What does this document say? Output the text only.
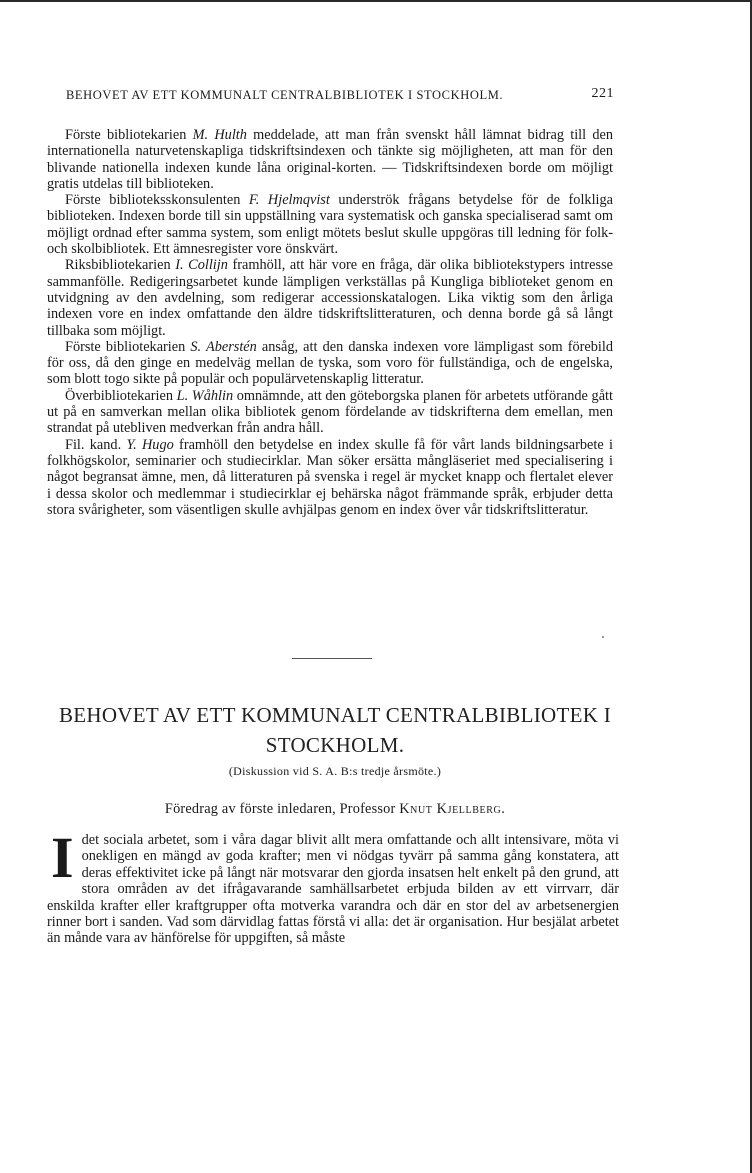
BEHOVET AV ETT KOMMUNALT CENTRALBIBLIOTEK I STOCKHOLM.	221

Förste bibliotekarien M. Hulth meddelade, att man från svenskt håll lämnat bidrag till den internationella naturvetenskapliga tidskriftsindexen och tänkte sig möjligheten, att man för den blivande nationella indexen kunde låna original-korten. — Tidskriftsindexen borde om möjligt gratis utdelas till biblioteken.

Förste biblioteksskonsulenten F. Hjelmqvist underströk frågans betydelse för de folkliga biblioteken. Indexen borde till sin uppställning vara systematisk och ganska specialiserad samt om möjligt ordnad efter samma system, som enligt mötets beslut skulle uppgöras till ledning för folk- och skolbibliotek. Ett ämnesregister vore önskvärt.

Riksbibliotekarien I. Collijn framhöll, att här vore en fråga, där olika bibliotekstypers intresse sammanfölle. Redigeringsarbetet kunde lämpligen verkställas på Kungliga biblioteket genom en utvidgning av den avdelning, som redigerar accessionskatalogen. Lika viktig som den årliga indexen vore en index omfattande den äldre tidskriftslitteraturen, och denna borde gå så långt tillbaka som möjligt.

Förste bibliotekarien S. Aberstén ansåg, att den danska indexen vore lämpligast som förebild för oss, då den ginge en medelväg mellan de tyska, som voro för fullständiga, och de engelska, som blott togo sikte på populär och populärvetenskaplig litteratur.

Överbibliotekarien L. Wåhlin omnämnde, att den göteborgska planen för arbetets utförande gått ut på en samverkan mellan olika bibliotek genom fördelande av tidskrifterna dem emellan, men strandat på utebliven medverkan från andra håll.

Fil. kand. Y. Hugo framhöll den betydelse en index skulle få för vårt lands bildningsarbete i folkhögskolor, seminarier och studiecirklar. Man söker ersätta mångläseriet med specialisering i något begransat ämne, men, då litteraturen på svenska i regel är mycket knapp och flertalet elever i dessa skolor och medlemmar i studiecirklar ej behärska något främmande språk, erbjuder detta stora svårigheter, som väsentligen skulle avhjälpas genom en index över vår tidskriftslitteratur.

BEHOVET AV ETT KOMMUNALT CENTRALBIBLIOTEK I STOCKHOLM.
(Diskussion vid S. A. B:s tredje årsmöte.)
Föredrag av förste inledaren, Professor Knut Kjellberg.
I det sociala arbetet, som i våra dagar blivit allt mera omfattande och allt intensivare, möta vi onekligen en mängd av goda krafter; men vi nödgas tyvärr på samma gång konstatera, att deras effektivitet icke på långt när motsvarar den gjorda insatsen helt enkelt på den grund, att stora områden av det ifrågavarande samhällsarbetet erbjuda bilden av ett virrvarr, där enskilda krafter eller kraftgrupper ofta motverka varandra och där en stor del av arbetsenergien rinner bort i sanden. Vad som därvidlag fattas förstå vi alla: det är organisation. Hur besjälat arbetet än månde vara av hänförelse för uppgiften, så måste
